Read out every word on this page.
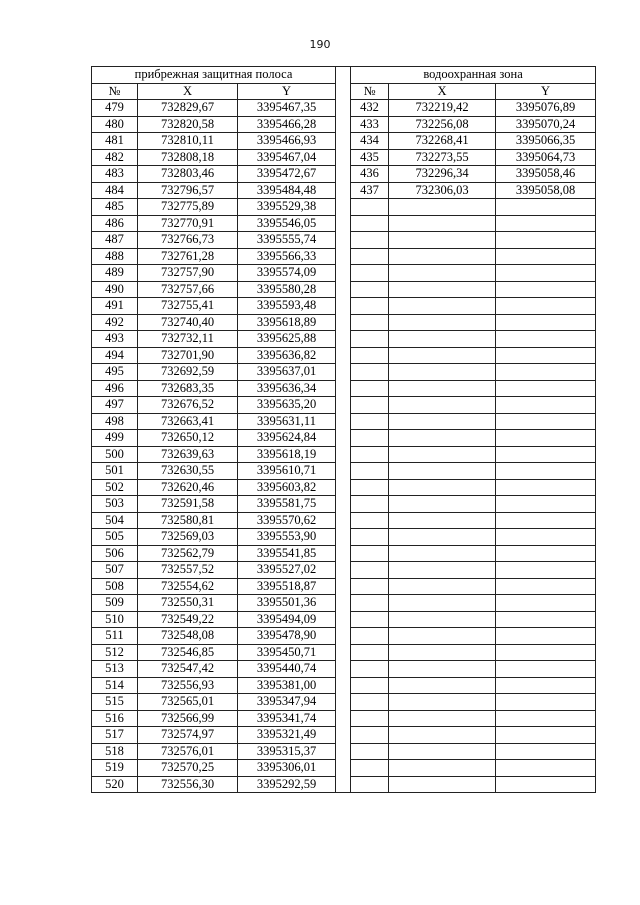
190
прибрежная защитная полоса				водоохранная зона		
№	X	Y		№	X	Y
479	732829,67	3395467,35		432	732219,42	3395076,89
480	732820,58	3395466,28		433	732256,08	3395070,24
481	732810,11	3395466,93		434	732268,41	3395066,35
482	732808,18	3395467,04		435	732273,55	3395064,73
483	732803,46	3395472,67		436	732296,34	3395058,46
484	732796,57	3395484,48		437	732306,03	3395058,08
485	732775,89	3395529,38				
486	732770,91	3395546,05				
487	732766,73	3395555,74				
488	732761,28	3395566,33				
489	732757,90	3395574,09				
490	732757,66	3395580,28				
491	732755,41	3395593,48				
492	732740,40	3395618,89				
493	732732,11	3395625,88				
494	732701,90	3395636,82				
495	732692,59	3395637,01				
496	732683,35	3395636,34				
497	732676,52	3395635,20				
498	732663,41	3395631,11				
499	732650,12	3395624,84				
500	732639,63	3395618,19				
501	732630,55	3395610,71				
502	732620,46	3395603,82				
503	732591,58	3395581,75				
504	732580,81	3395570,62				
505	732569,03	3395553,90				
506	732562,79	3395541,85				
507	732557,52	3395527,02				
508	732554,62	3395518,87				
509	732550,31	3395501,36				
510	732549,22	3395494,09				
511	732548,08	3395478,90				
512	732546,85	3395450,71				
513	732547,42	3395440,74				
514	732556,93	3395381,00				
515	732565,01	3395347,94				
516	732566,99	3395341,74				
517	732574,97	3395321,49				
518	732576,01	3395315,37				
519	732570,25	3395306,01				
520	732556,30	3395292,59				
